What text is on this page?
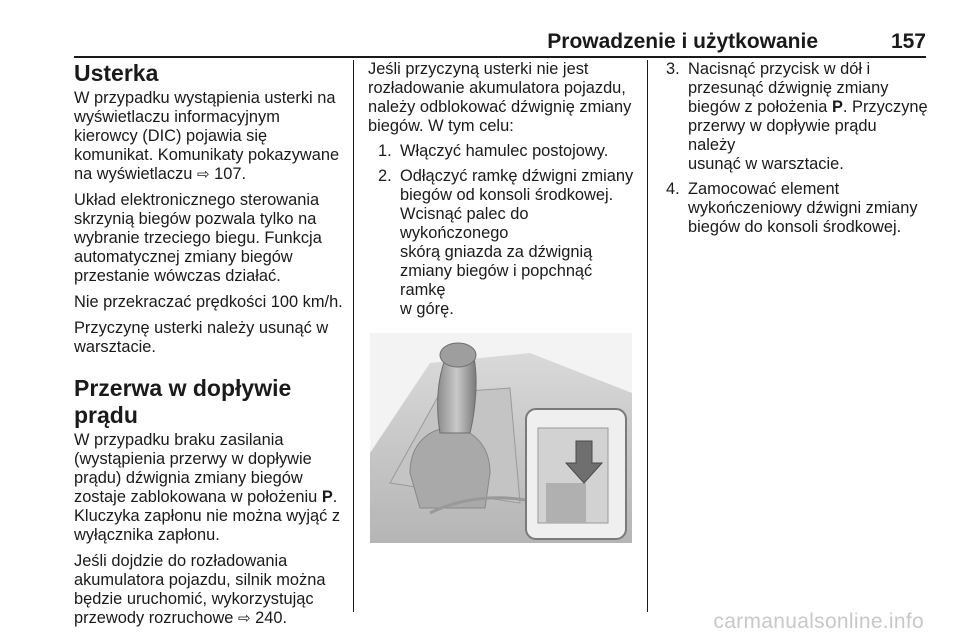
Prowadzenie i użytkowanie	157
Usterka

W przypadku wystąpienia usterki na
wyświetlaczu informacyjnym
kierowcy (DIC) pojawia się
komunikat. Komunikaty pokazywane
na wyświetlaczu ⇨ 107.

Układ elektronicznego sterowania
skrzynią biegów pozwala tylko na
wybranie trzeciego biegu. Funkcja
automatycznej zmiany biegów
przestanie wówczas działać.

Nie przekraczać prędkości 100 km/h.

Przyczynę usterki należy usunąć w
warsztacie.

Przerwa w dopływie prądu

W przypadku braku zasilania
(wystąpienia przerwy w dopływie
prądu) dźwignia zmiany biegów
zostaje zablokowana w położeniu P.
Kluczyka zapłonu nie można wyjąć z
wyłącznika zapłonu.

Jeśli dojdzie do rozładowania
akumulatora pojazdu, silnik można
będzie uruchomić, wykorzystując
przewody rozruchowe ⇨ 240.

Jeśli przyczyną usterki nie jest
rozładowanie akumulatora pojazdu,
należy odblokować dźwignię zmiany
biegów. W tym celu:

1. Włączyć hamulec postojowy.
2. Odłączyć ramkę dźwigni zmiany
biegów od konsoli środkowej.
Wcisnąć palec do wykończonego
skórą gniazda za dźwignią
zmiany biegów i popchnąć ramkę
w górę.
3. Nacisnąć przycisk w dół i
przesunąć dźwignię zmiany
biegów z położenia P. Przyczynę
przerwy w dopływie prądu należy
usunąć w warsztacie.
4. Zamocować element
wykończeniowy dźwigni zmiany
biegów do konsoli środkowej.
carmanualsonline.info
